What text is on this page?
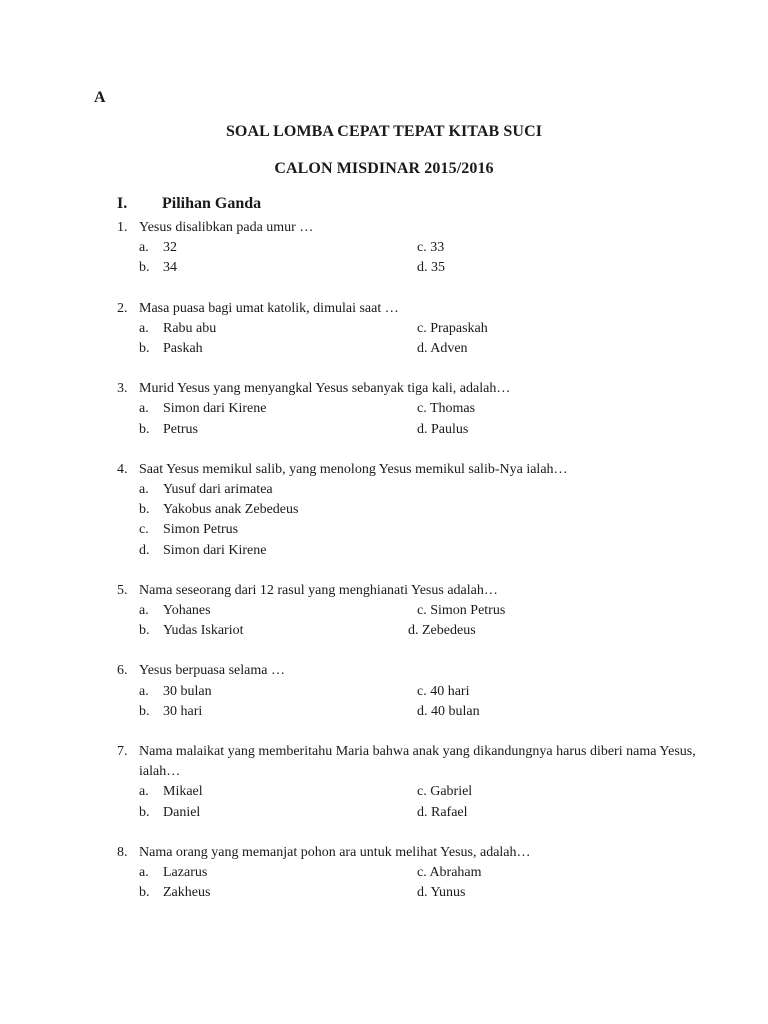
A
SOAL LOMBA CEPAT TEPAT KITAB SUCI
CALON MISDINAR 2015/2016
I. Pilihan Ganda
1. Yesus disalibkan pada umur …
a.	32	c. 33
b. 34	d. 35
2. Masa puasa bagi umat katolik, dimulai saat …
a.	Rabu abu	c. Prapaskah
b. Paskah	d. Adven
3. Murid Yesus yang menyangkal Yesus sebanyak tiga kali, adalah…
a.	Simon dari Kirene	c. Thomas
b. Petrus	d. Paulus
4. Saat Yesus memikul salib, yang menolong Yesus memikul salib-Nya ialah…
a.	Yusuf dari arimatea
b. Yakobus anak Zebedeus
c.	Simon Petrus
d. Simon dari Kirene
5. Nama seseorang dari 12 rasul yang menghianati Yesus adalah…
a.	Yohanes	c. Simon Petrus
b. Yudas Iskariot	d. Zebedeus
6. Yesus berpuasa selama …
a.	30 bulan	c. 40 hari
b. 30 hari	d. 40 bulan
7. Nama malaikat yang memberitahu Maria bahwa anak yang dikandungnya harus diberi nama Yesus, ialah…
a.	Mikael	c. Gabriel
b. Daniel	d. Rafael
8. Nama orang yang memanjat pohon ara untuk melihat Yesus, adalah…
a.	Lazarus	c. Abraham
b. Zakheus	d. Yunus
